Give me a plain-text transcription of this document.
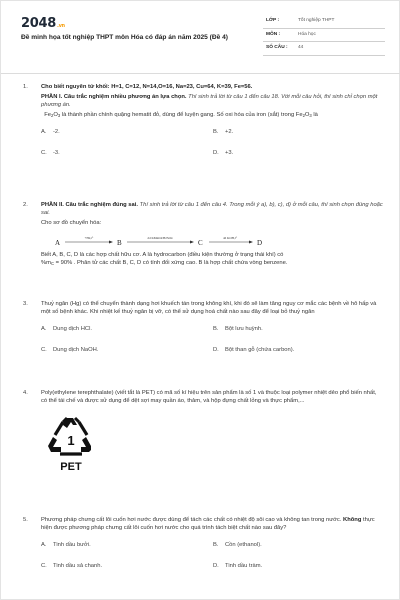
2048.vn
Đề minh họa tốt nghiệp THPT môn Hóa có đáp án năm 2025 (Đề 4)
LỚP :	Tốt nghiệp THPT
MÔN :	Hóa học
SỐ CÂU : 44
1. Cho biết nguyên tử khối: H=1, C=12, N=14,O=16, Na=23, Cu=64, K=39, Fe=56.

PHẦN I. Câu trắc nghiệm nhiều phương án lựa chọn. Thí sinh trả lời từ câu 1 đến câu 18. Với mỗi câu hỏi, thí sinh chỉ chọn một phương án.

$Fe_2O_3$ là thành phần chính quặng hematit đỏ, dùng để luyện gang. Số oxi hóa của iron (sắt) trong $Fe_2O_3$ là

A. -2.	B. +2.
C. -3.	D. +3.
2. PHẦN II. Câu trắc nghiệm đúng sai. Thí sinh trả lời từ câu 1 đến câu 4. Trong mỗi ý a), b), c), d) ở mỗi câu, thí sinh chọn đúng hoặc sai.

Cho sơ đồ chuyển hóa:

A
+H2,t°
B
dd KMnO4/H2SO4
C
dd KOH,t°
D

Biết A, B, C, D là các hợp chất hữu cơ. A là hydrocarbon (điều kiện thường ở trạng thái khí) có
$\%m_C = 90\%$ . Phân tử các chất B, C, D có tính đối xứng cao. B là hợp chất chứa vòng benzene.

3. Thuỷ ngân (Hg) có thể chuyển thành dạng hơi khuếch tán trong không khí, khi đó sẽ làm tăng nguy cơ mắc các bệnh về hô hấp và một số bệnh khác. Khi nhiệt kế thuỷ ngân bị vỡ, có thể sử dụng hoá chất nào sau đây để loại bỏ thuỷ ngân

A. Dung dịch HCl.	B. Bột lưu huỳnh.
C. Dung dịch NaOH.	D. Bột than gỗ (chứa carbon).
4. Poly(ethylene terephthalate) (viết tắt là PET) có mã số kí hiệu trên sản phẩm là số 1 và thuộc loại polymer nhiệt dẻo phổ biến nhất, có thể tái chế và được sử dụng để dệt sợi may quần áo, thảm, và hộp đựng chất lỏng và thực phẩm,...

1
PET
5. Phương pháp chưng cất lôi cuốn hơi nước được dùng để tách các chất có nhiệt độ sôi cao và không tan trong nước. Không thực hiện được phương pháp chưng cất lôi cuốn hơi nước cho quá trình tách biệt chất nào sau đây?

A. Tinh dầu bưởi.	B. Cồn (ethanol).
C. Tinh dầu sả chanh.	D. Tinh dầu tràm.
